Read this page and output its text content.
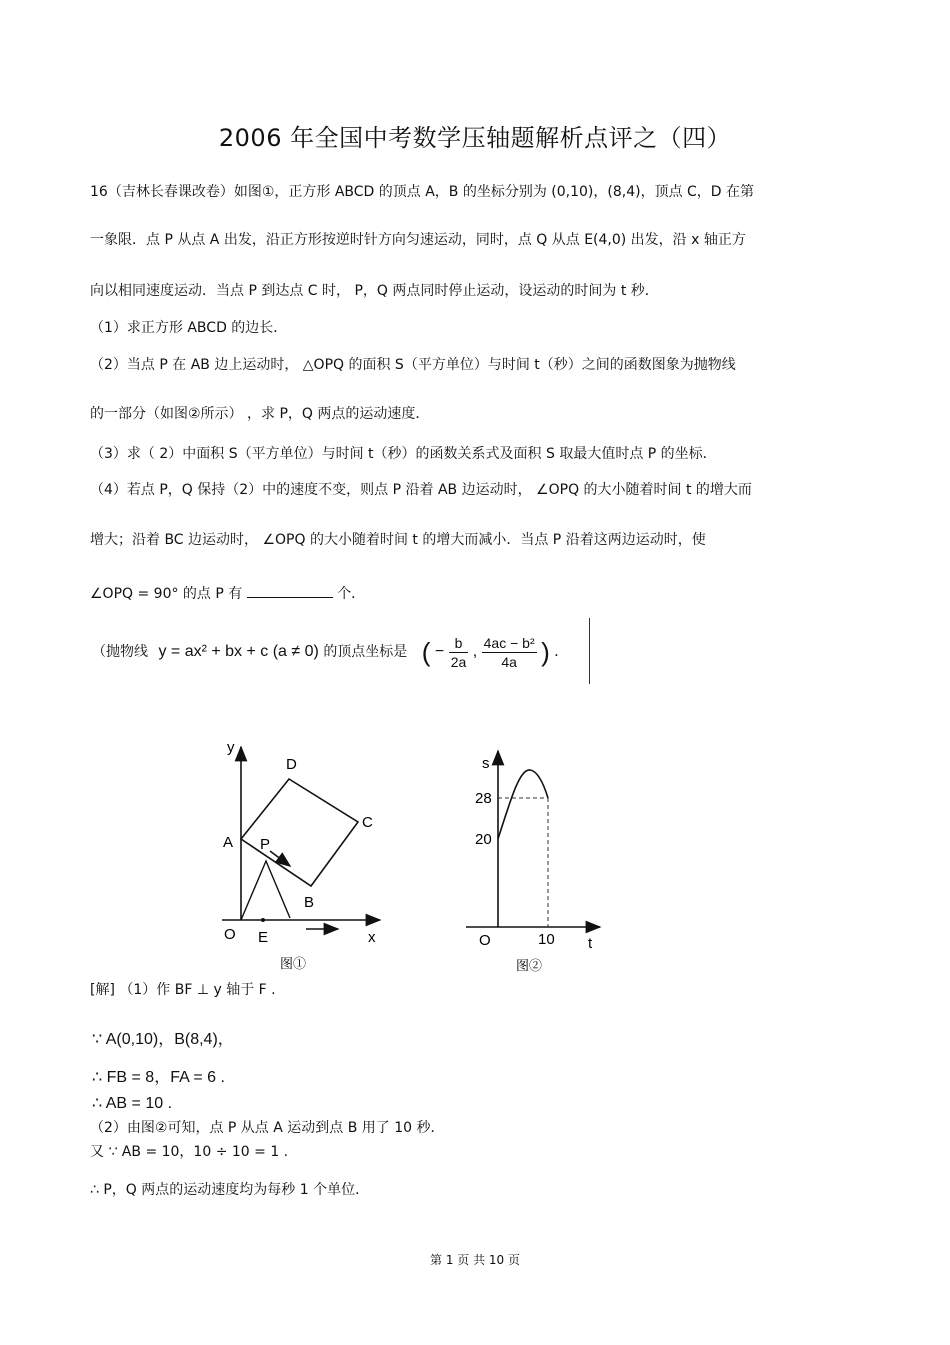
2006 年全国中考数学压轴题解析点评之（四）
16（吉林长春课改卷）如图①，正方形 ABCD 的顶点 A，B 的坐标分别为 (0,10)，(8,4)，顶点 C，D 在第
一象限．点 P 从点 A 出发，沿正方形按逆时针方向匀速运动，同时，点 Q 从点 E(4,0) 出发，沿 x 轴正方
向以相同速度运动．当点 P 到达点 C 时， P，Q 两点同时停止运动，设运动的时间为 t 秒．
（1）求正方形 ABCD 的边长．
（2）当点 P 在 AB 边上运动时， △OPQ 的面积 S（平方单位）与时间 t（秒）之间的函数图象为抛物线
的一部分（如图②所示） ，求 P，Q 两点的运动速度．
（3）求（ 2）中面积 S（平方单位）与时间 t（秒）的函数关系式及面积 S 取最大值时点 P 的坐标．
（4）若点 P，Q 保持（2）中的速度不变，则点 P 沿着 AB 边运动时， ∠OPQ 的大小随着时间 t 的增大而
增大；沿着 BC 边运动时， ∠OPQ 的大小随着时间 t 的增大而减小．当点 P 沿着这两边运动时，使
∠OPQ = 90° 的点 P 有	个．
（抛物线 y = ax² + bx + c (a ≠ 0) 的顶点坐标是 ( − $\frac{b}{2a}$ , $\frac{\text{4ac − b²}}{4a}$ ) ．
y
x
O
A
B
C
D
P
E
图①
s
t
O
28
20
10
图②
[解] （1）作 BF ⊥ y 轴于 F .
∵ A(0,10)，B(8,4)，
∴ FB = 8，FA = 6 .
∴ AB = 10 .
（2）由图②可知，点 P 从点 A 运动到点 B 用了 10 秒．
又 ∵ AB = 10，10 ÷ 10 = 1 .
∴ P，Q 两点的运动速度均为每秒 1 个单位．
第 1 页 共 10 页
